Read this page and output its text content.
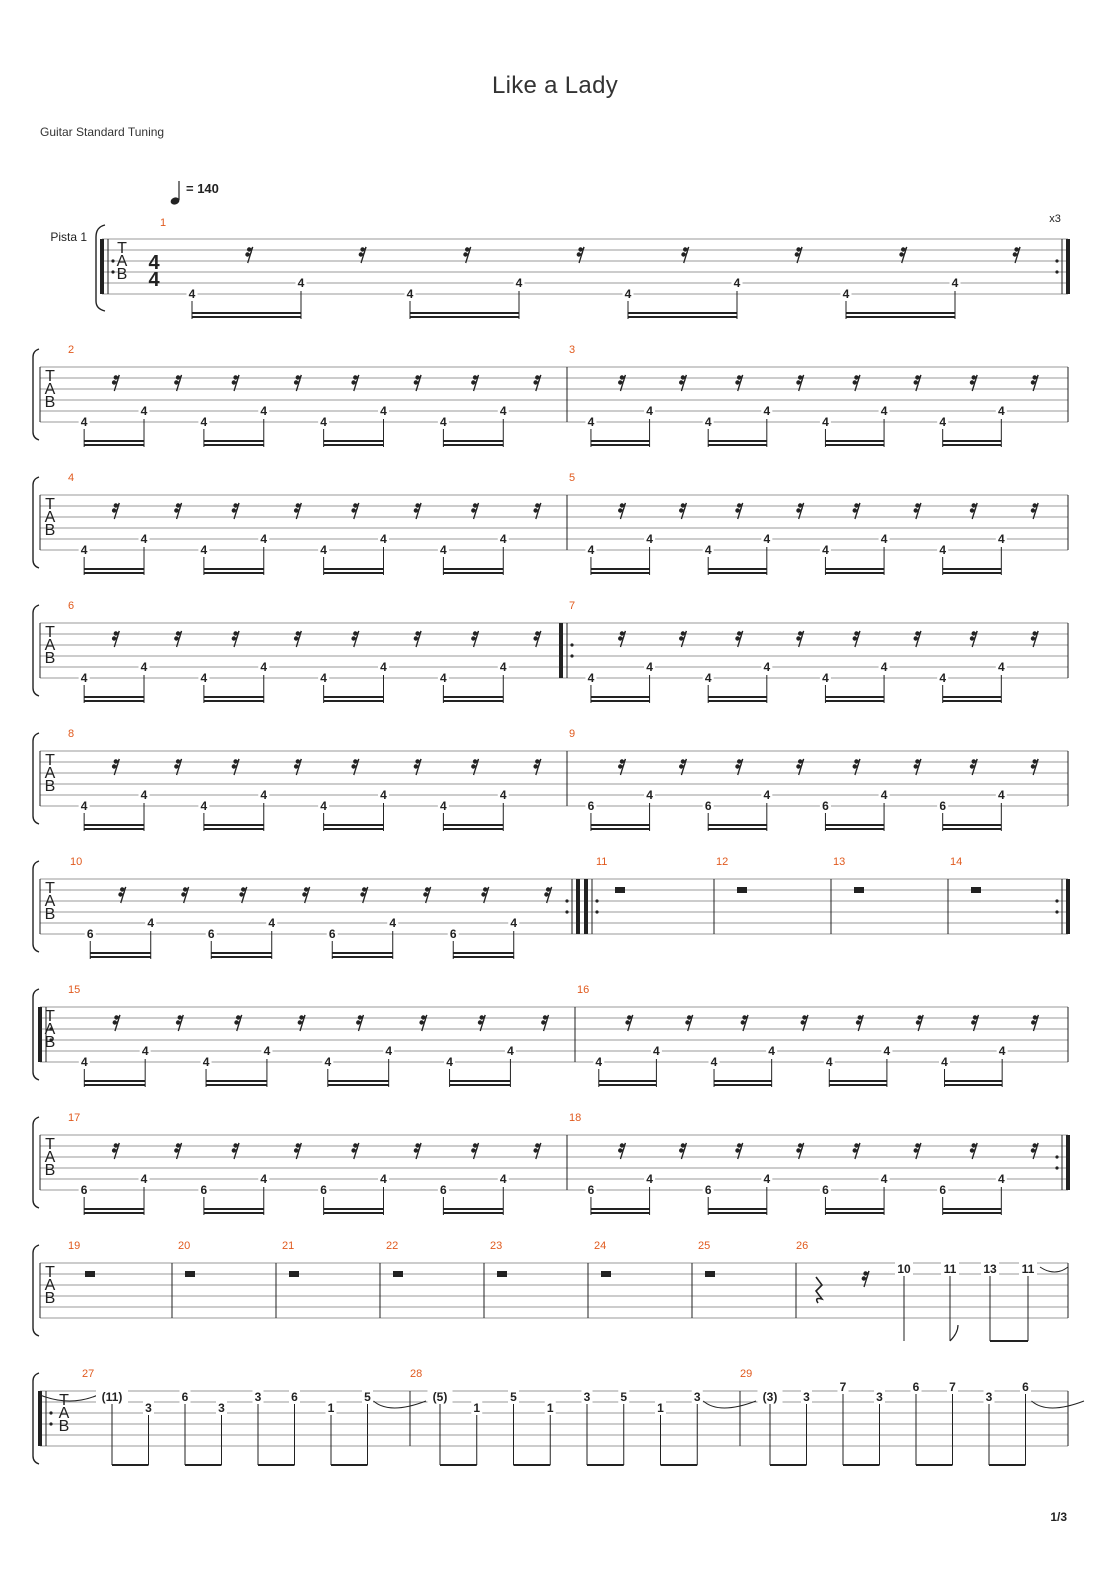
Like a Lady
Guitar Standard Tuning
Pista 1
T
A
B
4
4
x3
1
= 140
4
4
4
4
4
4
4
4
T
A
B
2	3
4
4
4
4
4
4
4
4
4
4
4
4
4
4
4
4
T
A
B
4	5
4
4
4
4
4
4
4
4
4
4
4
4
4
4
4
4
T
A
B
6	7
4
4
4
4
4
4
4
4
4
4
4
4
4
4
4
4
T
A
B
8	9
4
4
4
4
4
4
4
4
6
4
6
4
6
4
6
4
T
A
B
10
6
4
6
4
6
4
6
4
11	12	13	14
T
A
B
15	16
4
4
4
4
4
4
4
4
4
4
4
4
4
4
4
4
T
A
B
17	18
6
4
6
4
6
4
6
4
6
4
6
4
6
4
6
4
T
A
B
19	20	21	22	23	24	25	26
10	11 13 11
T
A
B
27
(11)
3
6
3
3 6
1
5
28
(5)
1
5
1
3	5
1
3
29
(3) 3
7
3
6 7
3
6
1/3
